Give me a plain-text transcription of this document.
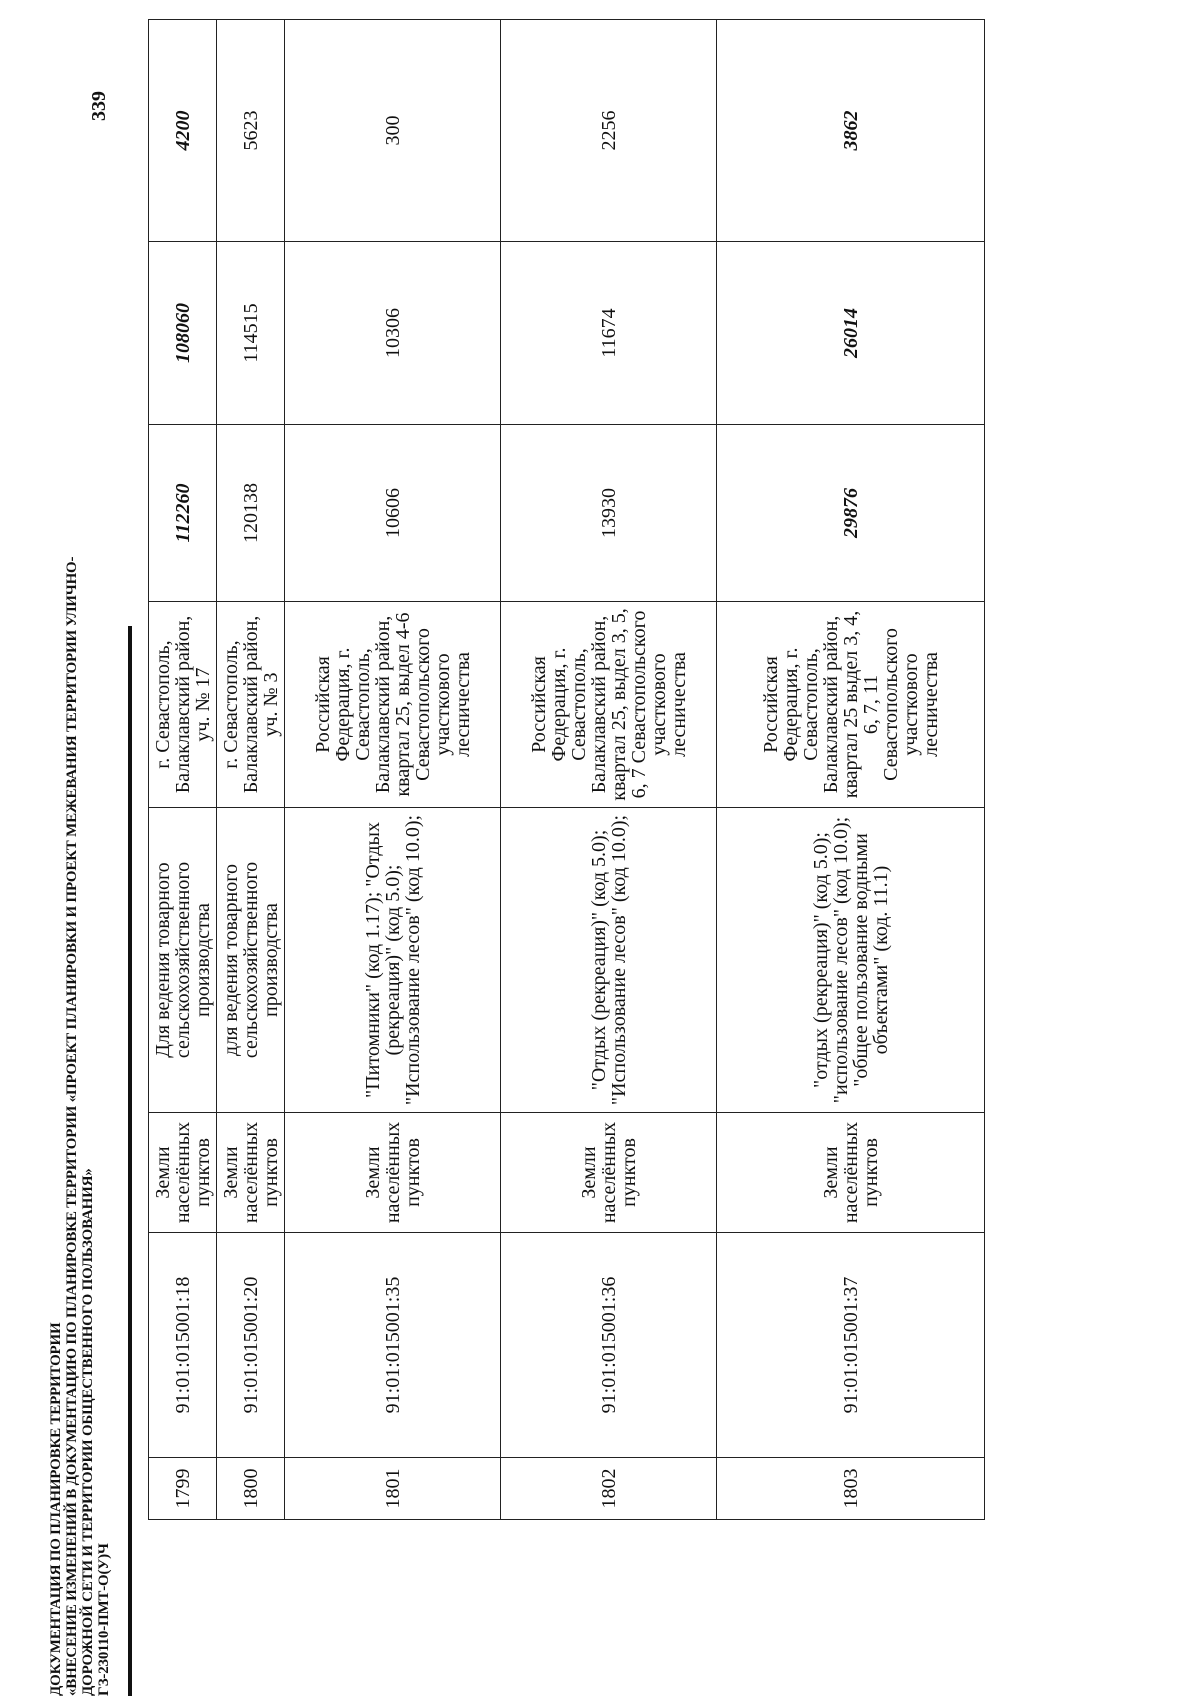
ДОКУМЕНТАЦИЯ ПО ПЛАНИРОВКЕ ТЕРРИТОРИИ «ВНЕСЕНИЕ ИЗМЕНЕНИЙ В ДОКУМЕНТАЦИЮ ПО ПЛАНИРОВКЕ ТЕРРИТОРИИ «ПРОЕКТ ПЛАНИРОВКИ И ПРОЕКТ МЕЖЕВАНИЯ ТЕРРИТОРИИ УЛИЧНО- ДОРОЖНОЙ СЕТИ И ТЕРРИТОРИИ ОБЩЕСТВЕННОГО ПОЛЬЗОВАНИЯ» ГЗ-230110-ПМТ-О(У)Ч
339
1799	91:01:015001:18	Земли населённых пунктов	Для ведения товарного сельскохозяйственного производства	г. Севастополь, Балаклавский район, уч. № 17	112260	108060	4200
1800	91:01:015001:20	Земли населённых пунктов	для ведения товарного сельскохозяйственного производства	г. Севастополь, Балаклавский район, уч. № 3	120138	114515	5623
1801	91:01:015001:35	Земли населённых пунктов	"Питомники" (код 1.17); "Отдых (рекреация)" (код 5.0); "Использование лесов" (код 10.0);	Российская Федерация, г. Севастополь, Балаклавский район, квартал 25, выдел 4-6 Севастопольского участкового лесничества	10606	10306	300
1802	91:01:015001:36	Земли населённых пунктов	"Отдых (рекреация)" (код 5.0); "Использование лесов" (код 10.0);	Российская Федерация, г. Севастополь, Балаклавский район, квартал 25, выдел 3, 5, 6, 7 Севастопольского участкового лесничества	13930	11674	2256
1803	91:01:015001:37	Земли населённых пунктов	"отдых (рекреация)" (код 5.0); "использование лесов" (код 10.0); "общее пользование водными объектами" (код. 11.1)	Российская Федерация, г. Севастополь, Балаклавский район, квартал 25 выдел 3, 4, 6, 7, 11 Севастопольского участкового лесничества	29876	26014	3862
